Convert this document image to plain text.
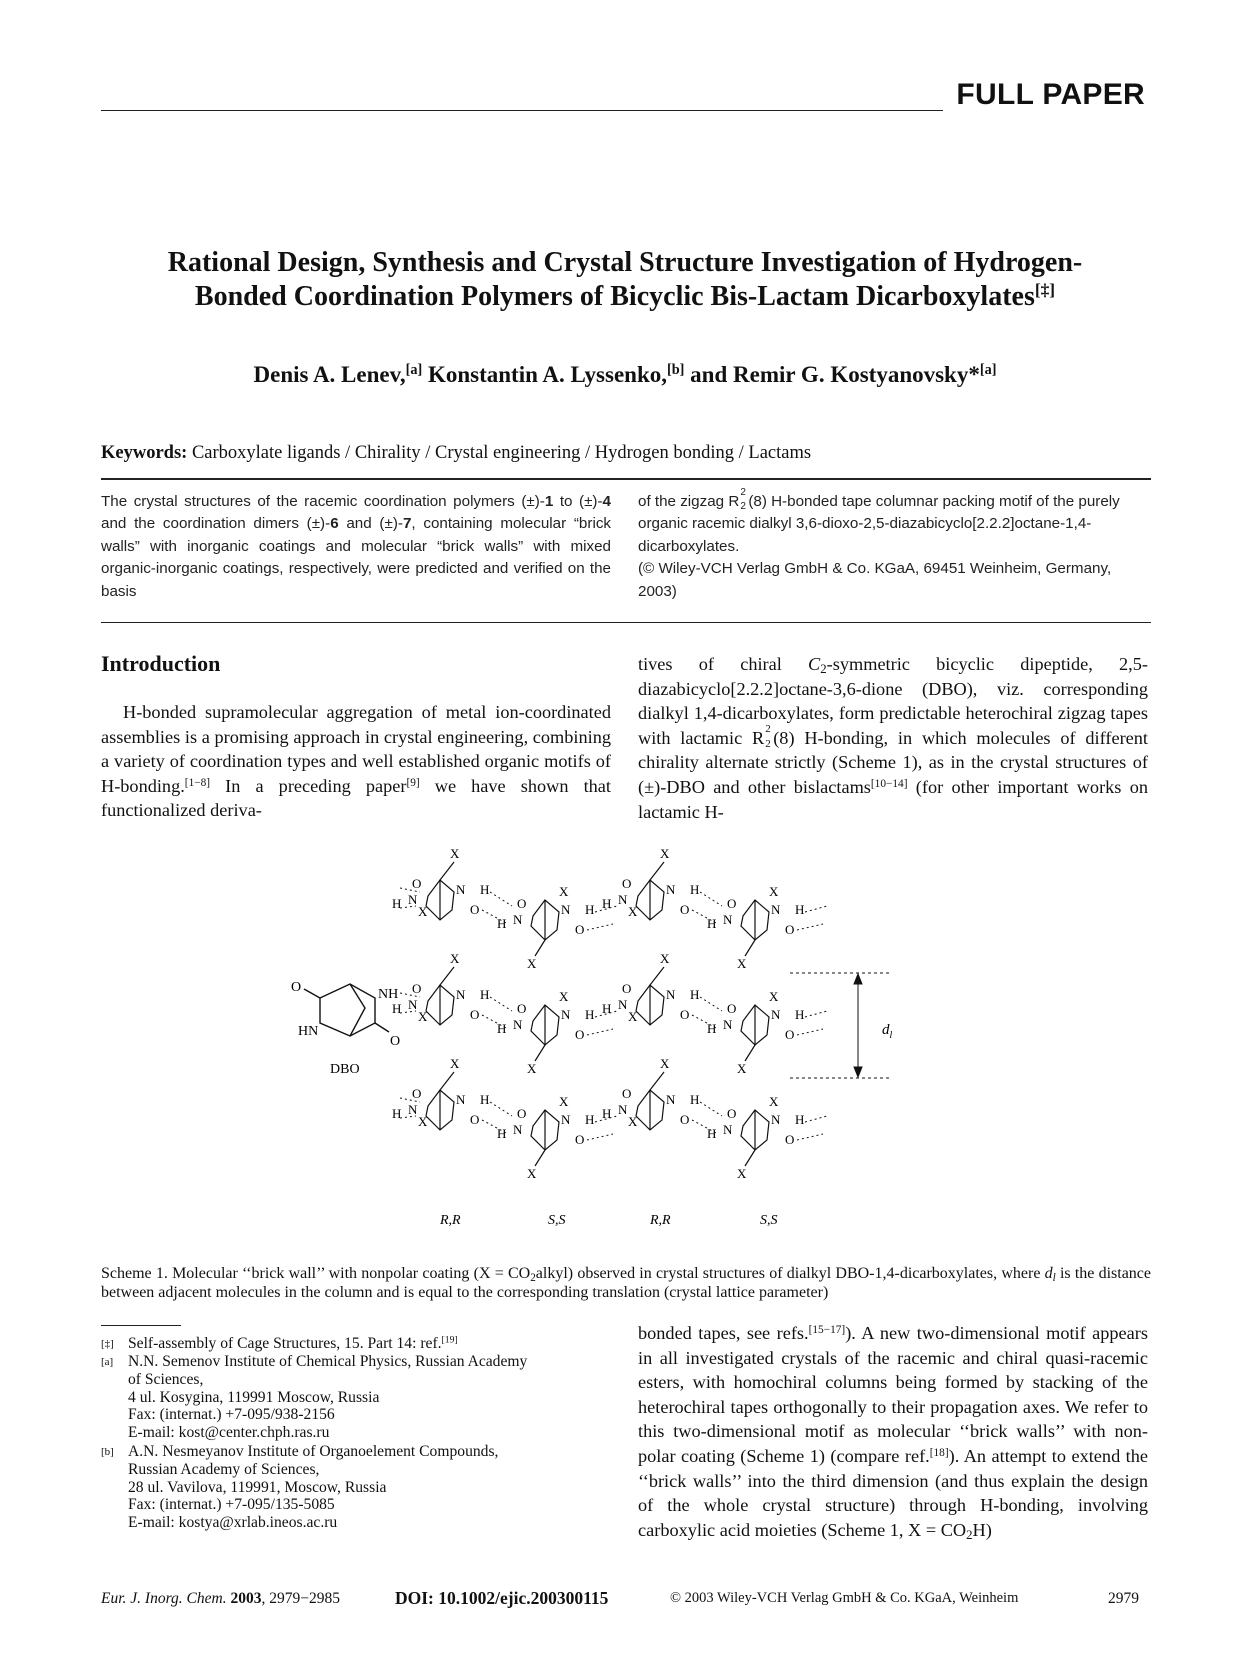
FULL PAPER
Rational Design, Synthesis and Crystal Structure Investigation of Hydrogen-
Bonded Coordination Polymers of Bicyclic Bis-Lactam Dicarboxylates[‡]
Denis A. Lenev,[a] Konstantin A. Lyssenko,[b] and Remir G. Kostyanovsky*[a]
Keywords: Carboxylate ligands / Chirality / Crystal engineering / Hydrogen bonding / Lactams
The crystal structures of the racemic coordination polymers (±)-1 to (±)-4 and the coordination dimers (±)-6 and (±)-7, containing molecular “brick walls” with inorganic coatings and molecular “brick walls” with mixed organic-inorganic coatings, respectively, were predicted and verified on the basis
of the zigzag R
2
2 (8) H-bonded tape columnar packing motif of the purely organic racemic dialkyl 3,6-dioxo-2,5-diazabicyclo[2.2.2]octane-1,4-dicarboxylates.
(© Wiley-VCH Verlag GmbH & Co. KGaA, 69451 Weinheim, Germany, 2003)
Introduction
H-bonded supramolecular aggregation of metal ion-coordinated assemblies is a promising approach in crystal engineering, combining a variety of coordination types and well established organic motifs of H-bonding.[1−8] In a preceding paper[9] we have shown that functionalized deriva-
tives of chiral $C_2$-symmetric bicyclic dipeptide, 2,5-diazabicyclo[2.2.2]octane-3,6-dione (DBO), viz. corresponding dialkyl 1,4-dicarboxylates, form predictable heterochiral zigzag tapes with lactamic R 2
2 (8) H-bonding, in which molecules of different chirality alternate strictly (Scheme 1), as in the crystal structures of (±)-DBO and other bislactams[10−14] (for other important works on lactamic H-
O	NH
HN
O
DBO
X
X
N H
N
H
O
O
X
X
N H
N
H
O
O
X
X
N H
N
H
O
O
X
X
N H
N
H
O
O
X
X
N H
N
H
O
O
X
X
N H
N
H
O
O
X
X
N H
N
H
O
O
X
X
N H
N
H
O
O
X
X
N H
N
H
O
O
X
X
N H
N
H
O
O
X
X
N H
N
H
O
O
X
X
N H
N
H
O
O
$d_l$
R,R	S,S	R,R	S,S
Scheme 1. Molecular ‘‘brick wall’’ with nonpolar coating $(X = CO_2alkyl)$ observed in crystal structures of dialkyl DBO-1,4-dicarboxylates, where $d_l$ is the distance between adjacent molecules in the column and is equal to the corresponding translation (crystal lattice parameter)
[‡] Self-assembly of Cage Structures, 15. Part 14: ref.[19]
[a] N.N. Semenov Institute of Chemical Physics, Russian Academy
of Sciences,
4 ul. Kosygina, 119991 Moscow, Russia
Fax: (internat.) +7-095/938-2156
E-mail: kost@center.chph.ras.ru
[b] A.N. Nesmeyanov Institute of Organoelement Compounds,
Russian Academy of Sciences,
28 ul. Vavilova, 119991, Moscow, Russia
Fax: (internat.) +7-095/135-5085
E-mail: kostya@xrlab.ineos.ac.ru
bonded tapes, see refs.[15−17]). A new two-dimensional motif appears in all investigated crystals of the racemic and chiral quasi-racemic esters, with homochiral columns being formed by stacking of the heterochiral tapes orthogonally to their propagation axes. We refer to this two-dimensional motif as molecular ‘‘brick walls’’ with non-polar coating (Scheme 1) (compare ref.[18]). An attempt to extend the ‘‘brick walls’’ into the third dimension (and thus explain the design of the whole crystal structure) through H-bonding, involving carboxylic acid moieties (Scheme 1, $X = CO_2H$)
Eur. J. Inorg. Chem. 2003, 2979−2985	DOI: 10.1002/ejic.200300115	© 2003 Wiley-VCH Verlag GmbH & Co. KGaA, Weinheim	2979
